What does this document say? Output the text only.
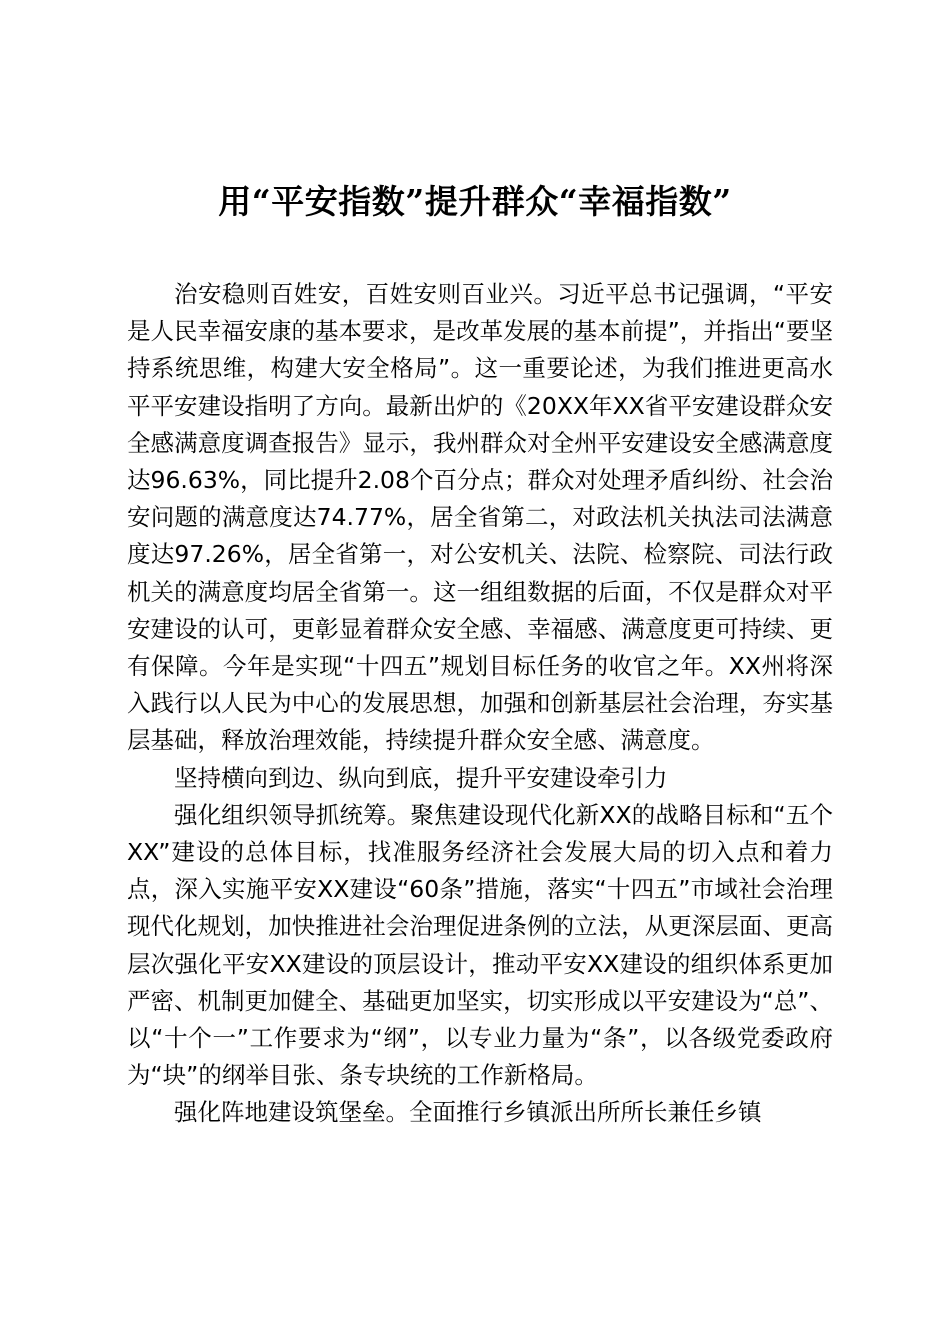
用“平安指数”提升群众“幸福指数”

治安稳则百姓安，百姓安则百业兴。习近平总书记强调，“平安是人民幸福安康的基本要求，是改革发展的基本前提”，并指出“要坚持系统思维，构建大安全格局”。这一重要论述，为我们推进更高水平平安建设指明了方向。最新出炉的《20XX年XX省平安建设群众安全感满意度调查报告》显示，我州群众对全州平安建设安全感满意度达96.63%，同比提升2.08个百分点；群众对处理矛盾纠纷、社会治安问题的满意度达74.77%，居全省第二，对政法机关执法司法满意度达97.26%，居全省第一，对公安机关、法院、检察院、司法行政机关的满意度均居全省第一。这一组组数据的后面，不仅是群众对平安建设的认可，更彰显着群众安全感、幸福感、满意度更可持续、更有保障。今年是实现“十四五”规划目标任务的收官之年。XX州将深入践行以人民为中心的发展思想，加强和创新基层社会治理，夯实基层基础，释放治理效能，持续提升群众安全感、满意度。

坚持横向到边、纵向到底，提升平安建设牵引力

强化组织领导抓统筹。聚焦建设现代化新XX的战略目标和“五个XX”建设的总体目标，找准服务经济社会发展大局的切入点和着力点，深入实施平安XX建设“60条”措施，落实“十四五”市域社会治理现代化规划，加快推进社会治理促进条例的立法，从更深层面、更高层次强化平安XX建设的顶层设计，推动平安XX建设的组织体系更加严密、机制更加健全、基础更加坚实，切实形成以平安建设为“总”、以“十个一”工作要求为“纲”，以专业力量为“条”，以各级党委政府为“块”的纲举目张、条专块统的工作新格局。

强化阵地建设筑堡垒。全面推行乡镇派出所所长兼任乡镇
